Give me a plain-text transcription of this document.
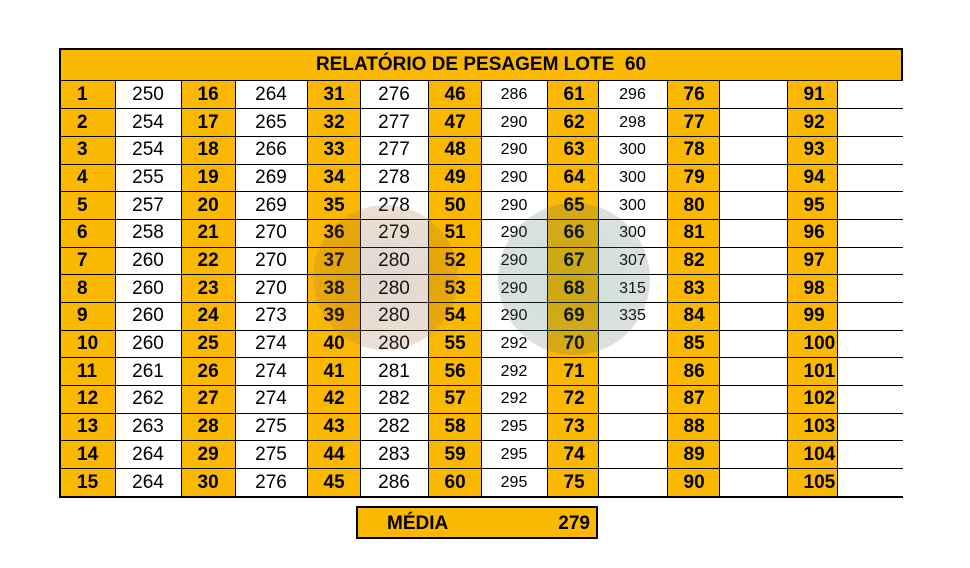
RELATÓRIO DE PESAGEM LOTE  60
1	250	16	264	31	276	46	286	61	296	76		91	
2	254	17	265	32	277	47	290	62	298	77		92	
3	254	18	266	33	277	48	290	63	300	78		93	
4	255	19	269	34	278	49	290	64	300	79		94	
5	257	20	269	35	278	50	290	65	300	80		95	
6	258	21	270	36	279	51	290	66	300	81		96	
7	260	22	270	37	280	52	290	67	307	82		97	
8	260	23	270	38	280	53	290	68	315	83		98	
9	260	24	273	39	280	54	290	69	335	84		99	
10	260	25	274	40	280	55	292	70		85		100	
11	261	26	274	41	281	56	292	71		86		101	
12	262	27	274	42	282	57	292	72		87		102	
13	263	28	275	43	282	58	295	73		88		103	
14	264	29	275	44	283	59	295	74		89		104	
15	264	30	276	45	286	60	295	75		90		105	
MÉDIA	279
